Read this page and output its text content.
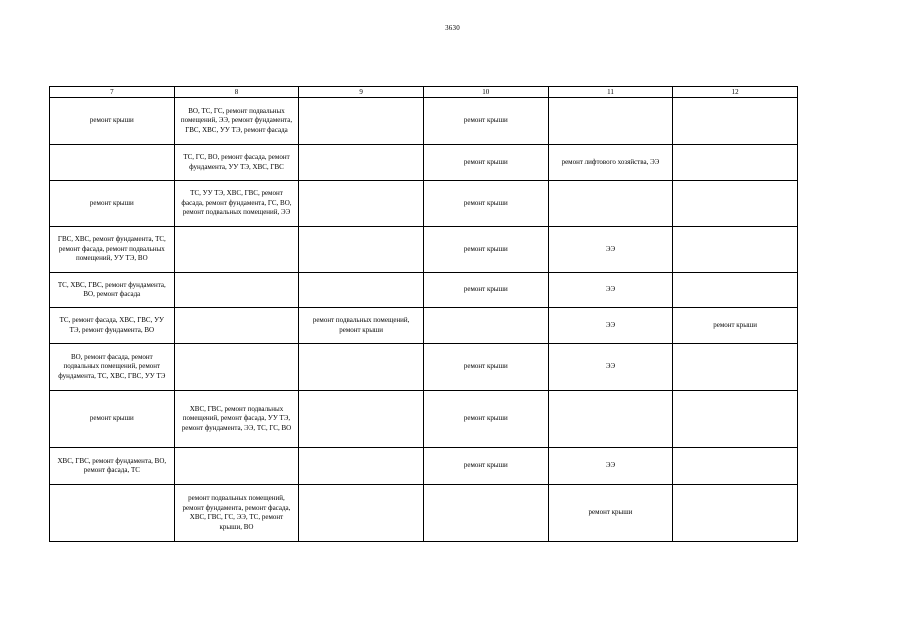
3630
7	8	9	10	11	12
ремонт крыши	ВО, ТС, ГС, ремонт подвальных помещений, ЭЭ, ремонт фундамента, ГВС, ХВС, УУ ТЭ, ремонт фасада		ремонт крыши		
	ТС, ГС, ВО, ремонт фасада, ремонт фундамента, УУ ТЭ, ХВС, ГВС		ремонт крыши	ремонт лифтового хозяйства, ЭЭ	
ремонт крыши	ТС, УУ ТЭ, ХВС, ГВС, ремонт фасада, ремонт фундамента, ГС, ВО, ремонт подвальных помещений, ЭЭ		ремонт крыши		
ГВС, ХВС, ремонт фундамента, ТС, ремонт фасада, ремонт подвальных помещений, УУ ТЭ, ВО			ремонт крыши	ЭЭ	
ТС, ХВС, ГВС, ремонт фундамента, ВО, ремонт фасада			ремонт крыши	ЭЭ	
ТС, ремонт фасада, ХВС, ГВС, УУ ТЭ, ремонт фундамента, ВО		ремонт подвальных помещений, ремонт крыши		ЭЭ	ремонт крыши
ВО, ремонт фасада, ремонт подвальных помещений, ремонт фундамента, ТС, ХВС, ГВС, УУ ТЭ			ремонт крыши	ЭЭ	
ремонт крыши	ХВС, ГВС, ремонт подвальных помещений, ремонт фасада, УУ ТЭ, ремонт фундамента, ЭЭ, ТС, ГС, ВО		ремонт крыши		
ХВС, ГВС, ремонт фундамента, ВО, ремонт фасада, ТС			ремонт крыши	ЭЭ	
	ремонт подвальных помещений, ремонт фундамента, ремонт фасада, ХВС, ГВС, ГС, ЭЭ, ТС, ремонт крыши, ВО			ремонт крыши	
